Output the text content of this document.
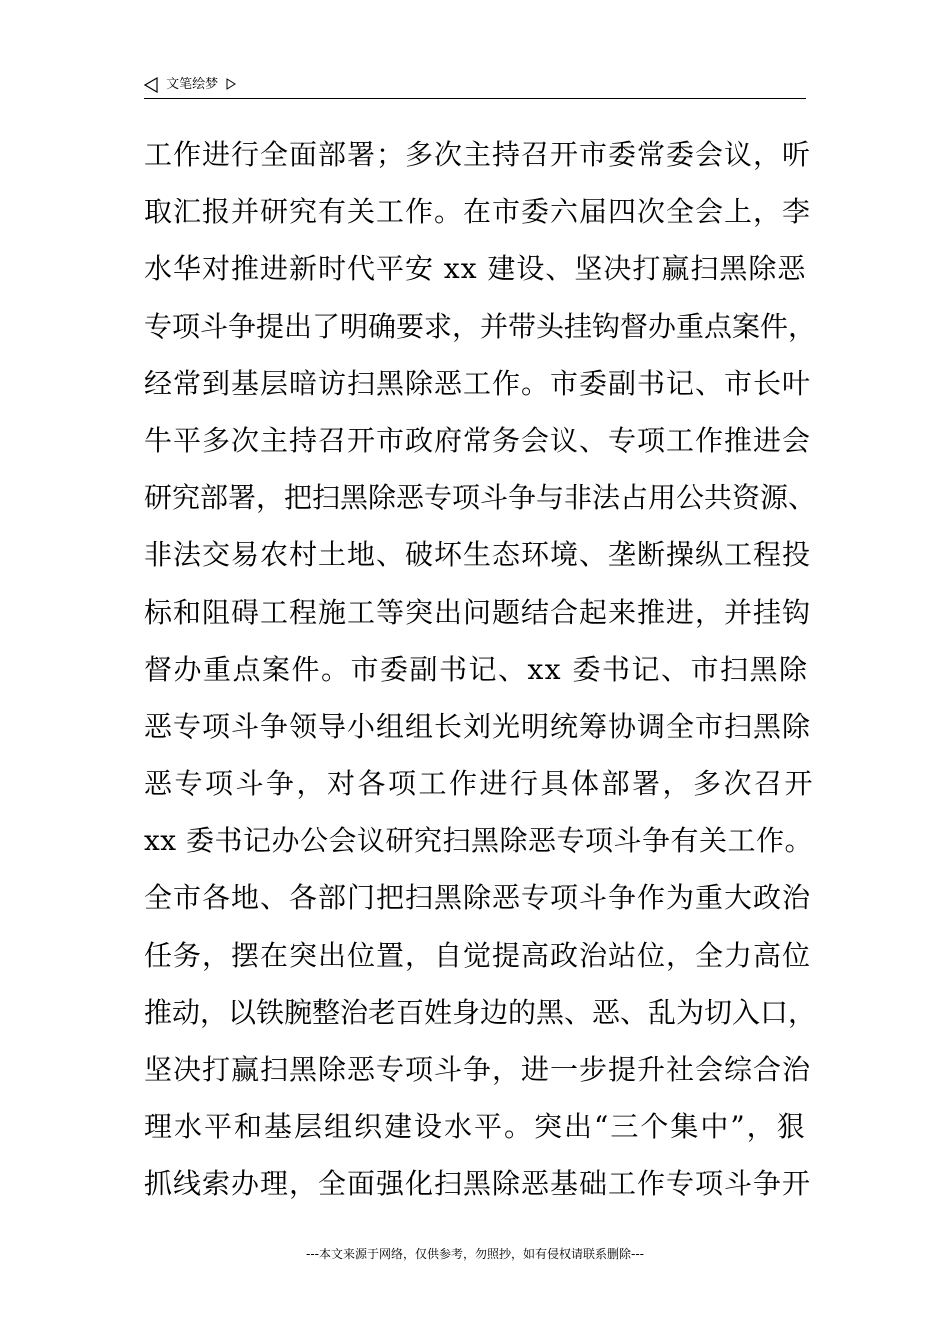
文笔绘梦
工作进行全面部署；多次主持召开市委常委会议，听
取汇报并研究有关工作。在市委六届四次全会上，李
水华对推进新时代平安 xx 建设、坚决打赢扫黑除恶
专项斗争提出了明确要求，并带头挂钩督办重点案件，
经常到基层暗访扫黑除恶工作。市委副书记、市长叶
牛平多次主持召开市政府常务会议、专项工作推进会
研究部署，把扫黑除恶专项斗争与非法占用公共资源、
非法交易农村土地、破坏生态环境、垄断操纵工程投
标和阻碍工程施工等突出问题结合起来推进，并挂钩
督办重点案件。市委副书记、xx 委书记、市扫黑除
恶专项斗争领导小组组长刘光明统筹协调全市扫黑除
恶专项斗争，对各项工作进行具体部署，多次召开
xx 委书记办公会议研究扫黑除恶专项斗争有关工作。
全市各地、各部门把扫黑除恶专项斗争作为重大政治
任务，摆在突出位置，自觉提高政治站位，全力高位
推动，以铁腕整治老百姓身边的黑、恶、乱为切入口，
坚决打赢扫黑除恶专项斗争，进一步提升社会综合治
理水平和基层组织建设水平。突出“三个集中”，狠
抓线索办理，全面强化扫黑除恶基础工作专项斗争开
---本文来源于网络，仅供参考，勿照抄，如有侵权请联系删除---
